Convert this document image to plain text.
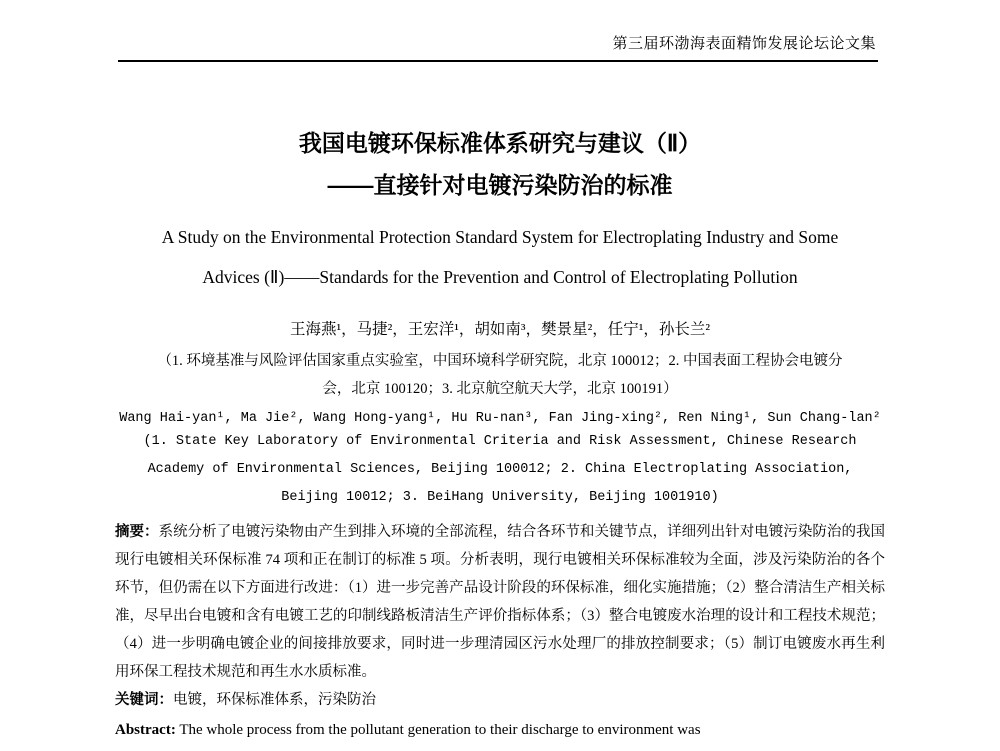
第三届环渤海表面精饰发展论坛论文集
我国电镀环保标准体系研究与建议（Ⅱ）
——直接针对电镀污染防治的标准
A Study on the Environmental Protection Standard System for Electroplating Industry and Some
Advices (Ⅱ)——Standards for the Prevention and Control of Electroplating Pollution
王海燕¹，马捷²，王宏洋¹，胡如南³，樊景星²，任宁¹，孙长兰²
（1. 环境基准与风险评估国家重点实验室，中国环境科学研究院，北京 100012；2. 中国表面工程协会电镀分会，北京 100120；3. 北京航空航天大学，北京 100191）
Wang Hai-yan¹, Ma Jie², Wang Hong-yang¹, Hu Ru-nan³, Fan Jing-xing², Ren Ning¹, Sun Chang-lan²
(1. State Key Laboratory of Environmental Criteria and Risk Assessment, Chinese Research
Academy of Environmental Sciences, Beijing 100012; 2. China Electroplating Association,
Beijing 10012; 3. BeiHang University, Beijing 1001910)

摘要：系统分析了电镀污染物由产生到排入环境的全部流程，结合各环节和关键节点，详细列出针对电镀污染防治的我国现行电镀相关环保标准 74 项和正在制订的标准 5 项。分析表明，现行电镀相关环保标准较为全面，涉及污染防治的各个环节，但仍需在以下方面进行改进：（1）进一步完善产品设计阶段的环保标准，细化实施措施；（2）整合清洁生产相关标准，尽早出台电镀和含有电镀工艺的印制线路板清洁生产评价指标体系；（3）整合电镀废水治理的设计和工程技术规范；（4）进一步明确电镀企业的间接排放要求，同时进一步理清园区污水处理厂的排放控制要求；（5）制订电镀废水再生利用环保工程技术规范和再生水水质标准。

关键词：电镀，环保标准体系，污染防治

Abstract: The whole process from the pollutant generation to their discharge to environment was
